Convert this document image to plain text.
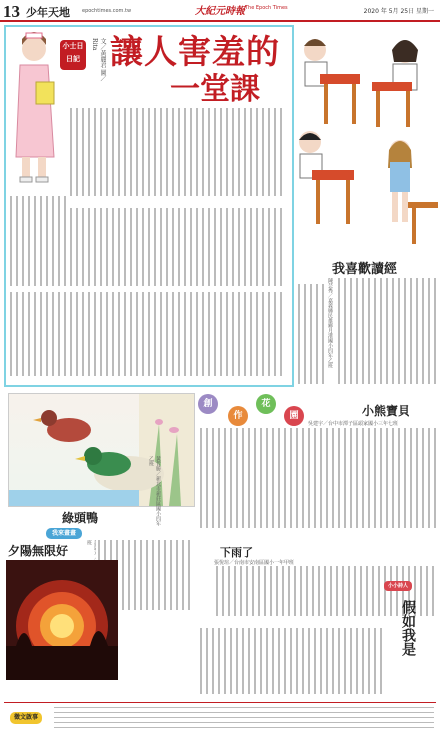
13 少年天地 epochtimes.com.tw	大紀元時報 The Epoch Times	2020 年 5月 25日 星期一
小士日
日記	文／黃麗君 圖／Rita 讓人害羞的
一堂課
我喜歡讀經
陳芸秀／嘉義縣民雄鄉月港國小四年乙班
創
作
花
園	小熊寶貝
吳建宇／台中市潭子區頭家國小三年七班
綠頭鴨	黃哲勝／新北市新莊區國小四年乙班
我來畫畫
夕陽無限好
班
下雨了
張悅瑄／台南市安南區國小一年甲班
小小詩人
假如我是
徵文啟事
